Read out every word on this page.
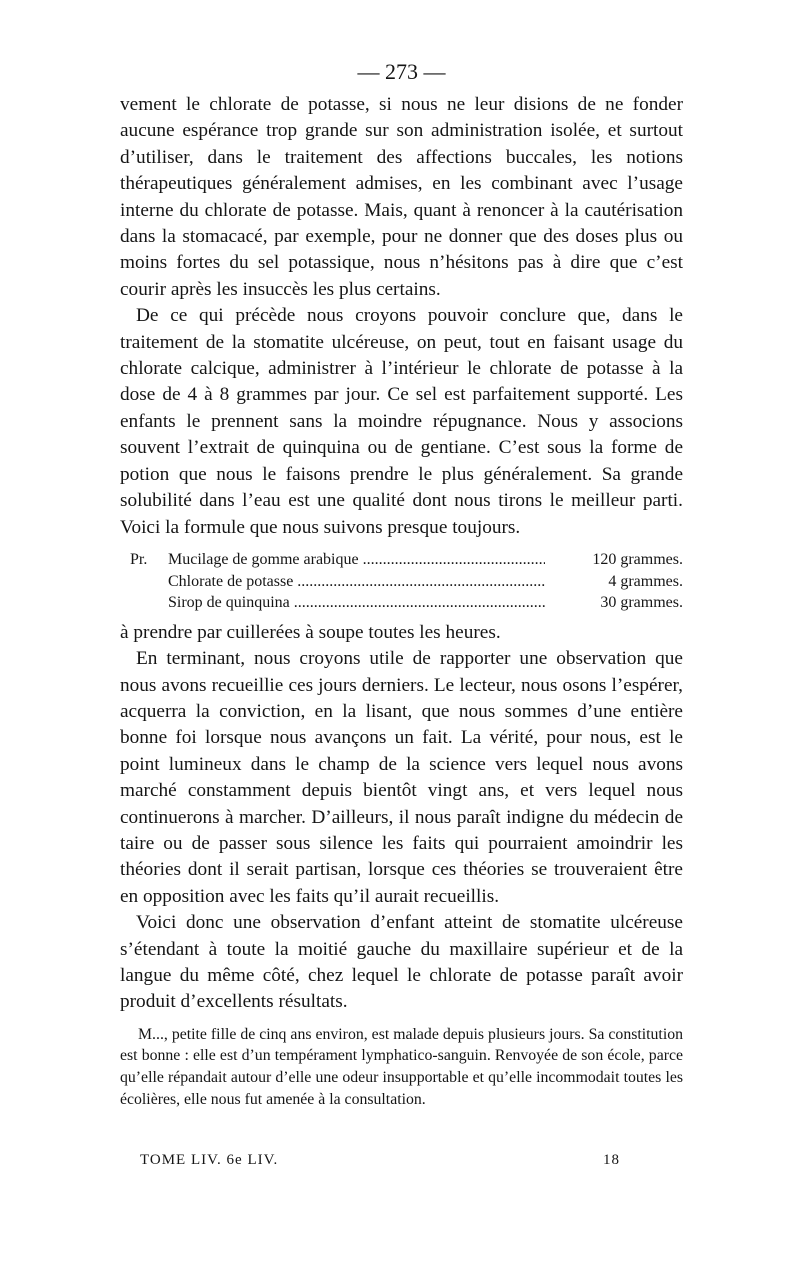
— 273 —

vement le chlorate de potasse, si nous ne leur disions de ne fonder aucune espérance trop grande sur son administration isolée, et surtout d’utiliser, dans le traitement des affections buccales, les notions thérapeutiques généralement admises, en les combinant avec l’usage interne du chlorate de potasse. Mais, quant à renoncer à la cautérisation dans la stomacacé, par exemple, pour ne donner que des doses plus ou moins fortes du sel potassique, nous n’hésitons pas à dire que c’est courir après les insuccès les plus certains.

De ce qui précède nous croyons pouvoir conclure que, dans le traitement de la stomatite ulcéreuse, on peut, tout en faisant usage du chlorate calcique, administrer à l’intérieur le chlorate de potasse à la dose de 4 à 8 grammes par jour. Ce sel est parfaitement supporté. Les enfants le prennent sans la moindre répugnance. Nous y associons souvent l’extrait de quinquina ou de gentiane. C’est sous la forme de potion que nous le faisons prendre le plus généralement. Sa grande solubilité dans l’eau est une qualité dont nous tirons le meilleur parti. Voici la formule que nous suivons presque toujours.

Pr.	Mucilage de gomme arabique .....	120 grammes.
Chlorate de potasse .....	4 grammes.
Sirop de quinquina .....	30 grammes.

à prendre par cuillerées à soupe toutes les heures.

En terminant, nous croyons utile de rapporter une observation que nous avons recueillie ces jours derniers. Le lecteur, nous osons l’espérer, acquerra la conviction, en la lisant, que nous sommes d’une entière bonne foi lorsque nous avançons un fait. La vérité, pour nous, est le point lumineux dans le champ de la science vers lequel nous avons marché constamment depuis bientôt vingt ans, et vers lequel nous continuerons à marcher. D’ailleurs, il nous paraît indigne du médecin de taire ou de passer sous silence les faits qui pourraient amoindrir les théories dont il serait partisan, lorsque ces théories se trouveraient être en opposition avec les faits qu’il aurait recueillis.

Voici donc une observation d’enfant atteint de stomatite ulcéreuse s’étendant à toute la moitié gauche du maxillaire supérieur et de la langue du même côté, chez lequel le chlorate de potasse paraît avoir produit d’excellents résultats.

M..., petite fille de cinq ans environ, est malade depuis plusieurs jours. Sa constitution est bonne : elle est d’un tempérament lymphatico-sanguin. Renvoyée de son école, parce qu’elle répandait autour d’elle une odeur insupportable et qu’elle incommodait toutes les écolières, elle nous fut amenée à la consultation.

TOME LIV. 6e LIV.	18
